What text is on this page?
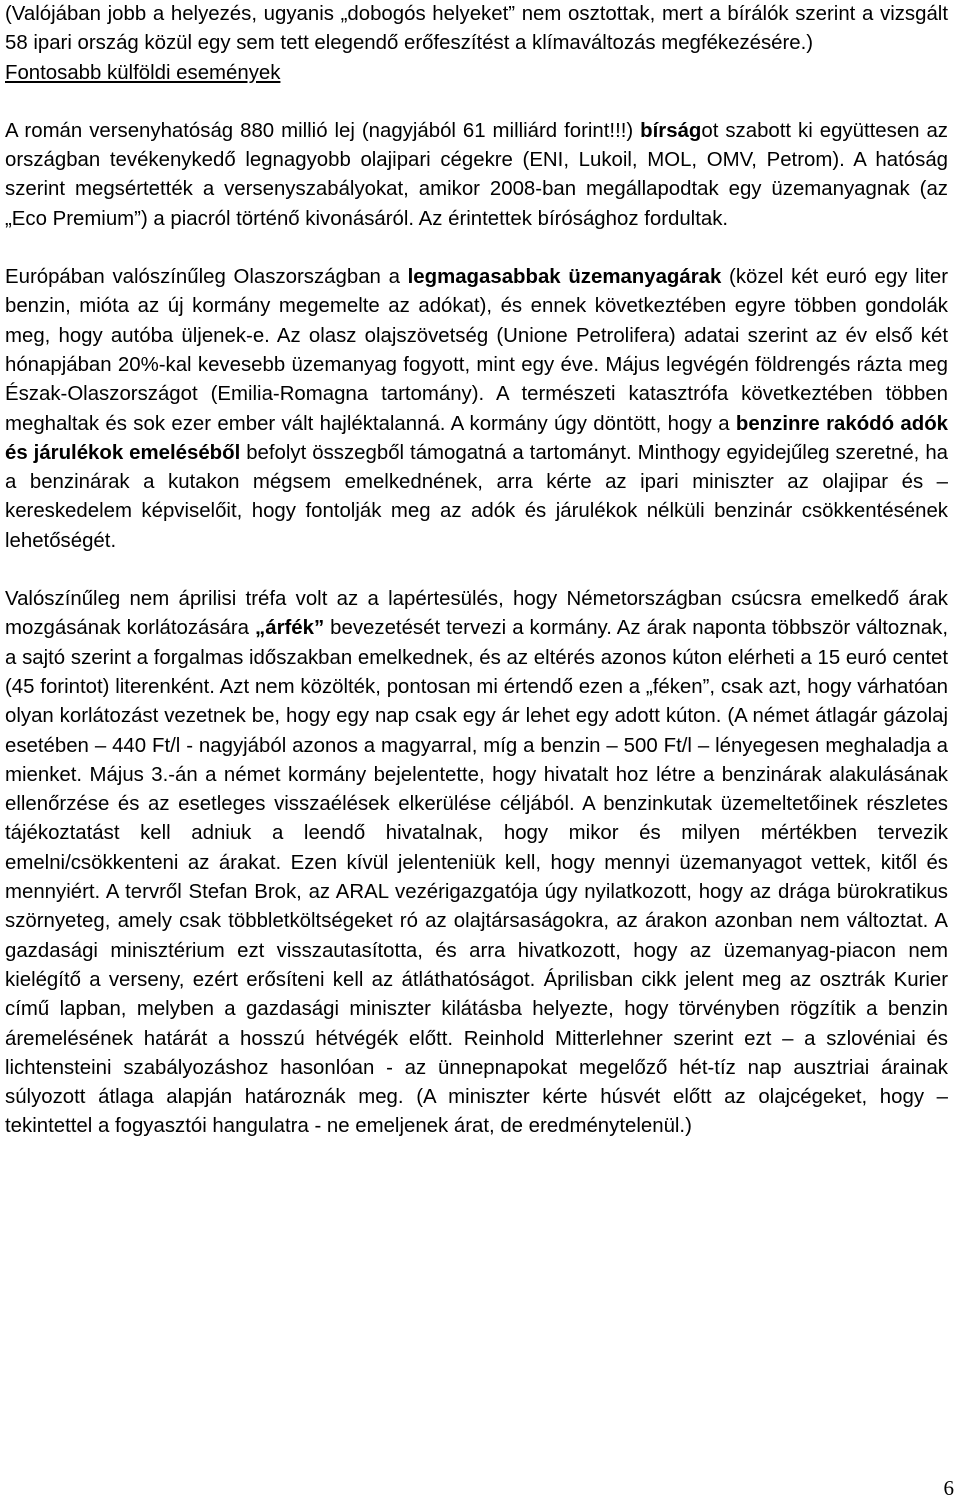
(Valójában jobb a helyezés, ugyanis „dobogós helyeket” nem osztottak, mert a bírálók szerint a vizsgált 58 ipari ország közül egy sem tett elegendő erőfeszítést a klímaváltozás megfékezésére.)

Fontosabb külföldi események

A román versenyhatóság 880 millió lej (nagyjából 61 milliárd forint!!!) bírságot szabott ki együttesen az országban tevékenykedő legnagyobb olajipari cégekre (ENI, Lukoil, MOL, OMV, Petrom). A hatóság szerint megsértették a versenyszabályokat, amikor 2008-ban megállapodtak egy üzemanyagnak (az „Eco Premium”) a piacról történő kivonásáról. Az érintettek bírósághoz fordultak.

Európában valószínűleg Olaszországban a legmagasabbak üzemanyagárak (közel két euró egy liter benzin, mióta az új kormány megemelte az adókat), és ennek következtében egyre többen gondolák meg, hogy autóba üljenek-e. Az olasz olajszövetség (Unione Petrolifera) adatai szerint az év első két hónapjában 20%-kal kevesebb üzemanyag fogyott, mint egy éve. Május legvégén földrengés rázta meg Észak-Olaszországot (Emilia-Romagna tartomány). A természeti katasztrófa következtében többen meghaltak és sok ezer ember vált hajléktalanná. A kormány úgy döntött, hogy a benzinre rakódó adók és járulékok emeléséből befolyt összegből támogatná a tartományt. Minthogy egyidejűleg szeretné, ha a benzinárak a kutakon mégsem emelkednének, arra kérte az ipari miniszter az olajipar és – kereskedelem képviselőit, hogy fontolják meg az adók és járulékok nélküli benzinár csökkentésének lehetőségét.

Valószínűleg nem áprilisi tréfa volt az a lapértesülés, hogy Németországban csúcsra emelkedő árak mozgásának korlátozására „árfék” bevezetését tervezi a kormány. Az árak naponta többször változnak, a sajtó szerint a forgalmas időszakban emelkednek, és az eltérés azonos kúton elérheti a 15 euró centet (45 forintot) literenként. Azt nem közölték, pontosan mi értendő ezen a „féken”, csak azt, hogy várhatóan olyan korlátozást vezetnek be, hogy egy nap csak egy ár lehet egy adott kúton. (A német átlagár gázolaj esetében – 440 Ft/l - nagyjából azonos a magyarral, míg a benzin – 500 Ft/l – lényegesen meghaladja a mienket. Május 3.-án a német kormány bejelentette, hogy hivatalt hoz létre a benzinárak alakulásának ellenőrzése és az esetleges visszaélések elkerülése céljából. A benzinkutak üzemeltetőinek részletes tájékoztatást kell adniuk a leendő hivatalnak, hogy mikor és milyen mértékben tervezik emelni/csökkenteni az árakat. Ezen kívül jelenteniük kell, hogy mennyi üzemanyagot vettek, kitől és mennyiért. A tervről Stefan Brok, az ARAL vezérigazgatója úgy nyilatkozott, hogy az drága bürokratikus szörnyeteg, amely csak többletköltségeket ró az olajtársaságokra, az árakon azonban nem változtat. A gazdasági minisztérium ezt visszautasította, és arra hivatkozott, hogy az üzemanyag-piacon nem kielégítő a verseny, ezért erősíteni kell az átláthatóságot. Áprilisban cikk jelent meg az osztrák Kurier című lapban, melyben a gazdasági miniszter kilátásba helyezte, hogy törvényben rögzítik a benzin áremelésének határát a hosszú hétvégék előtt. Reinhold Mitterlehner szerint ezt – a szlovéniai és lichtensteini szabályozáshoz hasonlóan - az ünnepnapokat megelőző hét-tíz nap ausztriai árainak súlyozott átlaga alapján határoznák meg. (A miniszter kérte húsvét előtt az olajcégeket, hogy – tekintettel a fogyasztói hangulatra - ne emeljenek árat, de eredménytelenül.)

6
